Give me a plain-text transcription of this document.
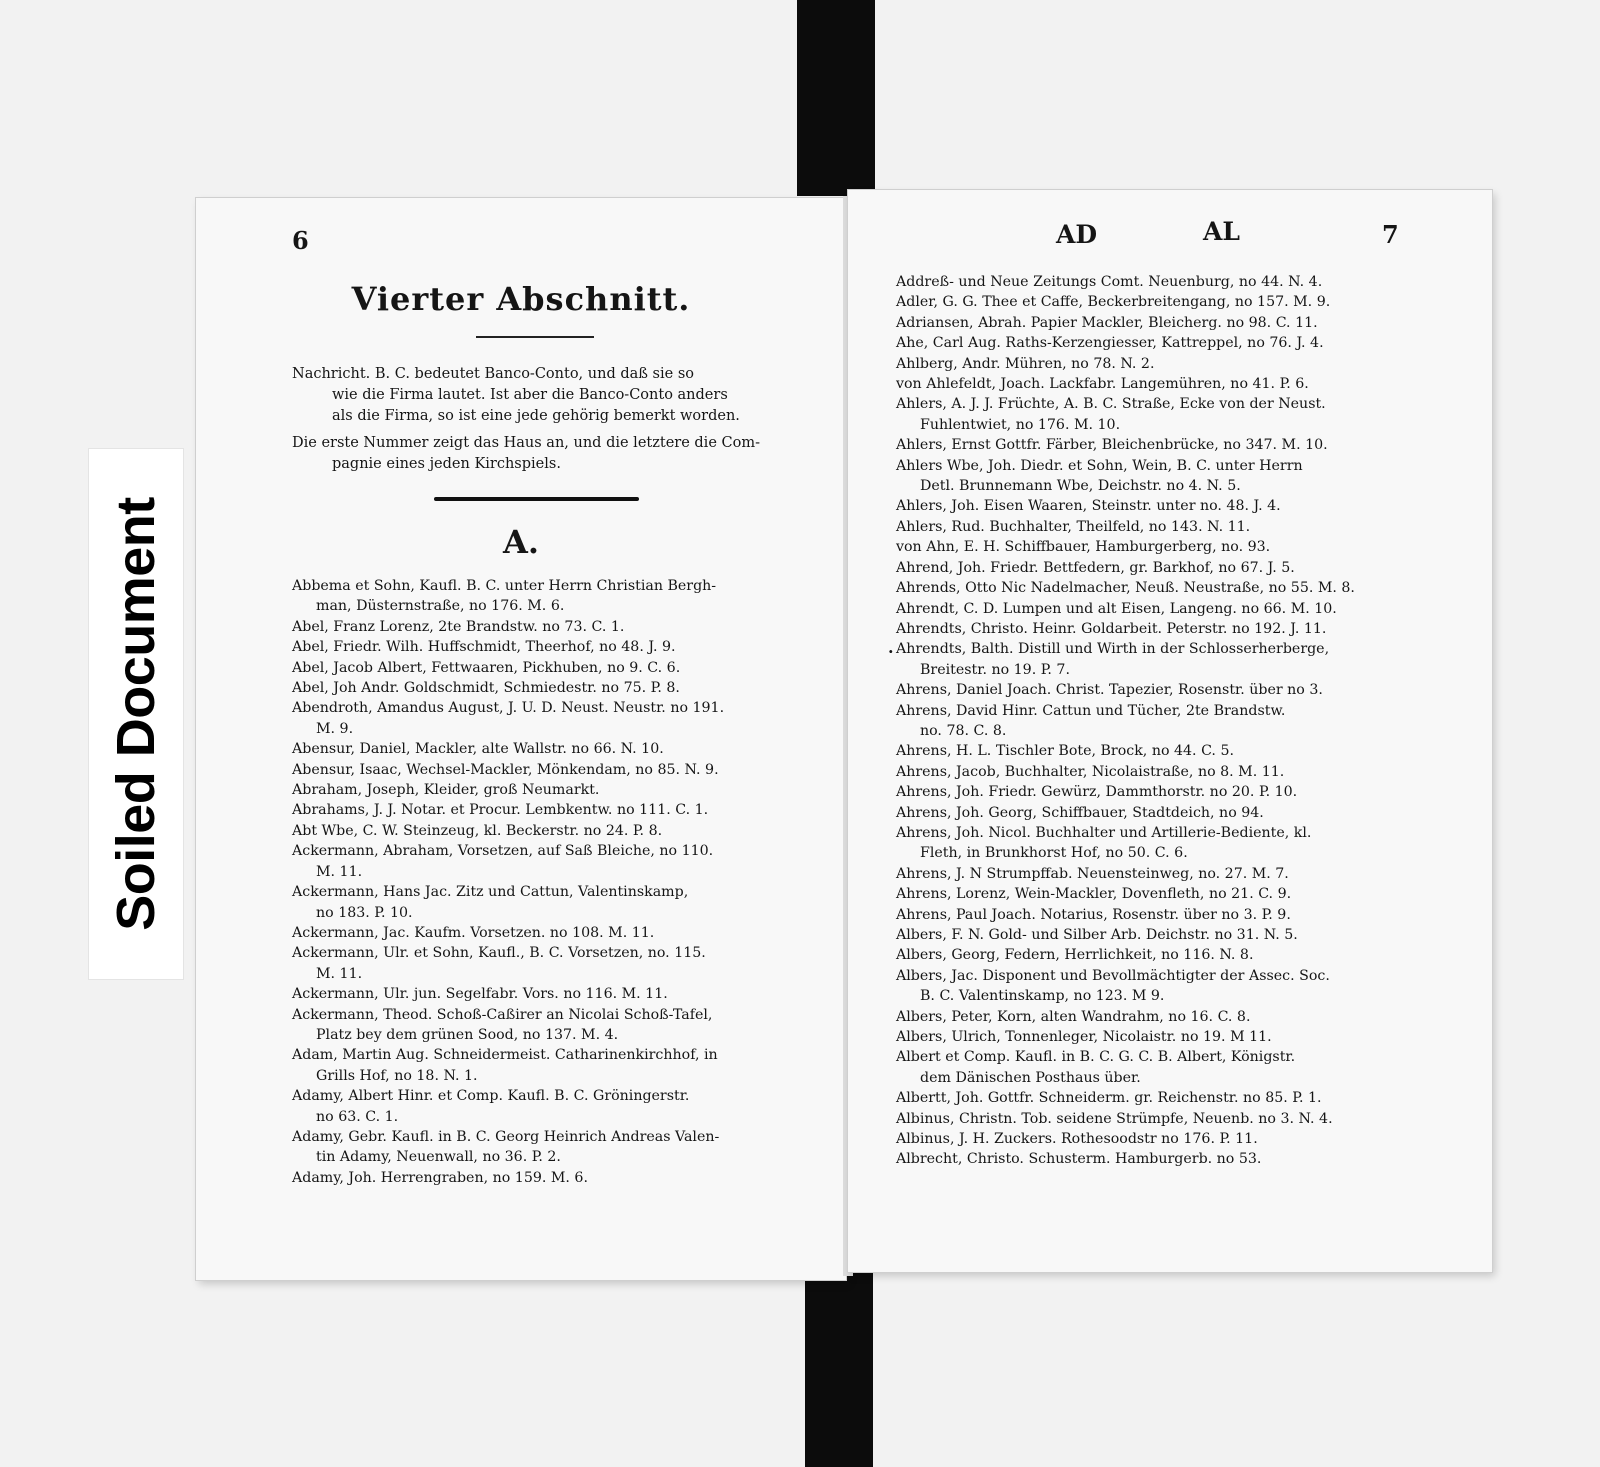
Soiled Document
6
Vierter Abschnitt.
Nachricht. B. C. bedeutet Banco-Conto, und daß sie so
wie die Firma lautet. Ist aber die Banco-Conto anders
als die Firma, so ist eine jede gehörig bemerkt worden.
Die erste Nummer zeigt das Haus an, und die letztere die Com-
pagnie eines jeden Kirchspiels.
A.
Abbema et Sohn, Kaufl. B. C. unter Herrn Christian Bergh-
man, Düsternstraße, no 176. M. 6.
Abel, Franz Lorenz, 2te Brandstw. no 73. C. 1.
Abel, Friedr. Wilh. Huffschmidt, Theerhof, no 48. J. 9.
Abel, Jacob Albert, Fettwaaren, Pickhuben, no 9. C. 6.
Abel, Joh Andr. Goldschmidt, Schmiedestr. no 75. P. 8.
Abendroth, Amandus August, J. U. D. Neust. Neustr. no 191.
M. 9.
Abensur, Daniel, Mackler, alte Wallstr. no 66. N. 10.
Abensur, Isaac, Wechsel-Mackler, Mönkendam, no 85. N. 9.
Abraham, Joseph, Kleider, groß Neumarkt.
Abrahams, J. J. Notar. et Procur. Lembkentw. no 111. C. 1.
Abt Wbe, C. W. Steinzeug, kl. Beckerstr. no 24. P. 8.
Ackermann, Abraham, Vorsetzen, auf Saß Bleiche, no 110.
M. 11.
Ackermann, Hans Jac. Zitz und Cattun, Valentinskamp,
no 183. P. 10.
Ackermann, Jac. Kaufm. Vorsetzen. no 108. M. 11.
Ackermann, Ulr. et Sohn, Kaufl., B. C. Vorsetzen, no. 115.
M. 11.
Ackermann, Ulr. jun. Segelfabr. Vors. no 116. M. 11.
Ackermann, Theod. Schoß-Caßirer an Nicolai Schoß-Tafel,
Platz bey dem grünen Sood, no 137. M. 4.
Adam, Martin Aug. Schneidermeist. Catharinenkirchhof, in
Grills Hof, no 18. N. 1.
Adamy, Albert Hinr. et Comp. Kaufl. B. C. Gröningerstr.
no 63. C. 1.
Adamy, Gebr. Kaufl. in B. C. Georg Heinrich Andreas Valen-
tin Adamy, Neuenwall, no 36. P. 2.
Adamy, Joh. Herrengraben, no 159. M. 6.
AD	AL	7
·
Addreß- und Neue Zeitungs Comt. Neuenburg, no 44. N. 4.
Adler, G. G. Thee et Caffe, Beckerbreitengang, no 157. M. 9.
Adriansen, Abrah. Papier Mackler, Bleicherg. no 98. C. 11.
Ahe, Carl Aug. Raths-Kerzengiesser, Kattreppel, no 76. J. 4.
Ahlberg, Andr. Mühren, no 78. N. 2.
von Ahlefeldt, Joach. Lackfabr. Langemühren, no 41. P. 6.
Ahlers, A. J. J. Früchte, A. B. C. Straße, Ecke von der Neust.
Fuhlentwiet, no 176. M. 10.
Ahlers, Ernst Gottfr. Färber, Bleichenbrücke, no 347. M. 10.
Ahlers Wbe, Joh. Diedr. et Sohn, Wein, B. C. unter Herrn
Detl. Brunnemann Wbe, Deichstr. no 4. N. 5.
Ahlers, Joh. Eisen Waaren, Steinstr. unter no. 48. J. 4.
Ahlers, Rud. Buchhalter, Theilfeld, no 143. N. 11.
von Ahn, E. H. Schiffbauer, Hamburgerberg, no. 93.
Ahrend, Joh. Friedr. Bettfedern, gr. Barkhof, no 67. J. 5.
Ahrends, Otto Nic Nadelmacher, Neuß. Neustraße, no 55. M. 8.
Ahrendt, C. D. Lumpen und alt Eisen, Langeng. no 66. M. 10.
Ahrendts, Christo. Heinr. Goldarbeit. Peterstr. no 192. J. 11.
Ahrendts, Balth. Distill und Wirth in der Schlosserherberge,
Breitestr. no 19. P. 7.
Ahrens, Daniel Joach. Christ. Tapezier, Rosenstr. über no 3.
Ahrens, David Hinr. Cattun und Tücher, 2te Brandstw.
no. 78. C. 8.
Ahrens, H. L. Tischler Bote, Brock, no 44. C. 5.
Ahrens, Jacob, Buchhalter, Nicolaistraße, no 8. M. 11.
Ahrens, Joh. Friedr. Gewürz, Dammthorstr. no 20. P. 10.
Ahrens, Joh. Georg, Schiffbauer, Stadtdeich, no 94.
Ahrens, Joh. Nicol. Buchhalter und Artillerie-Bediente, kl.
Fleth, in Brunkhorst Hof, no 50. C. 6.
Ahrens, J. N Strumpffab. Neuensteinweg, no. 27. M. 7.
Ahrens, Lorenz, Wein-Mackler, Dovenfleth, no 21. C. 9.
Ahrens, Paul Joach. Notarius, Rosenstr. über no 3. P. 9.
Albers, F. N. Gold- und Silber Arb. Deichstr. no 31. N. 5.
Albers, Georg, Federn, Herrlichkeit, no 116. N. 8.
Albers, Jac. Disponent und Bevollmächtigter der Assec. Soc.
B. C. Valentinskamp, no 123. M 9.
Albers, Peter, Korn, alten Wandrahm, no 16. C. 8.
Albers, Ulrich, Tonnenleger, Nicolaistr. no 19. M 11.
Albert et Comp. Kaufl. in B. C. G. C. B. Albert, Königstr.
dem Dänischen Posthaus über.
Albertt, Joh. Gottfr. Schneiderm. gr. Reichenstr. no 85. P. 1.
Albinus, Christn. Tob. seidene Strümpfe, Neuenb. no 3. N. 4.
Albinus, J. H. Zuckers. Rothesoodstr no 176. P. 11.
Albrecht, Christo. Schusterm. Hamburgerb. no 53.
